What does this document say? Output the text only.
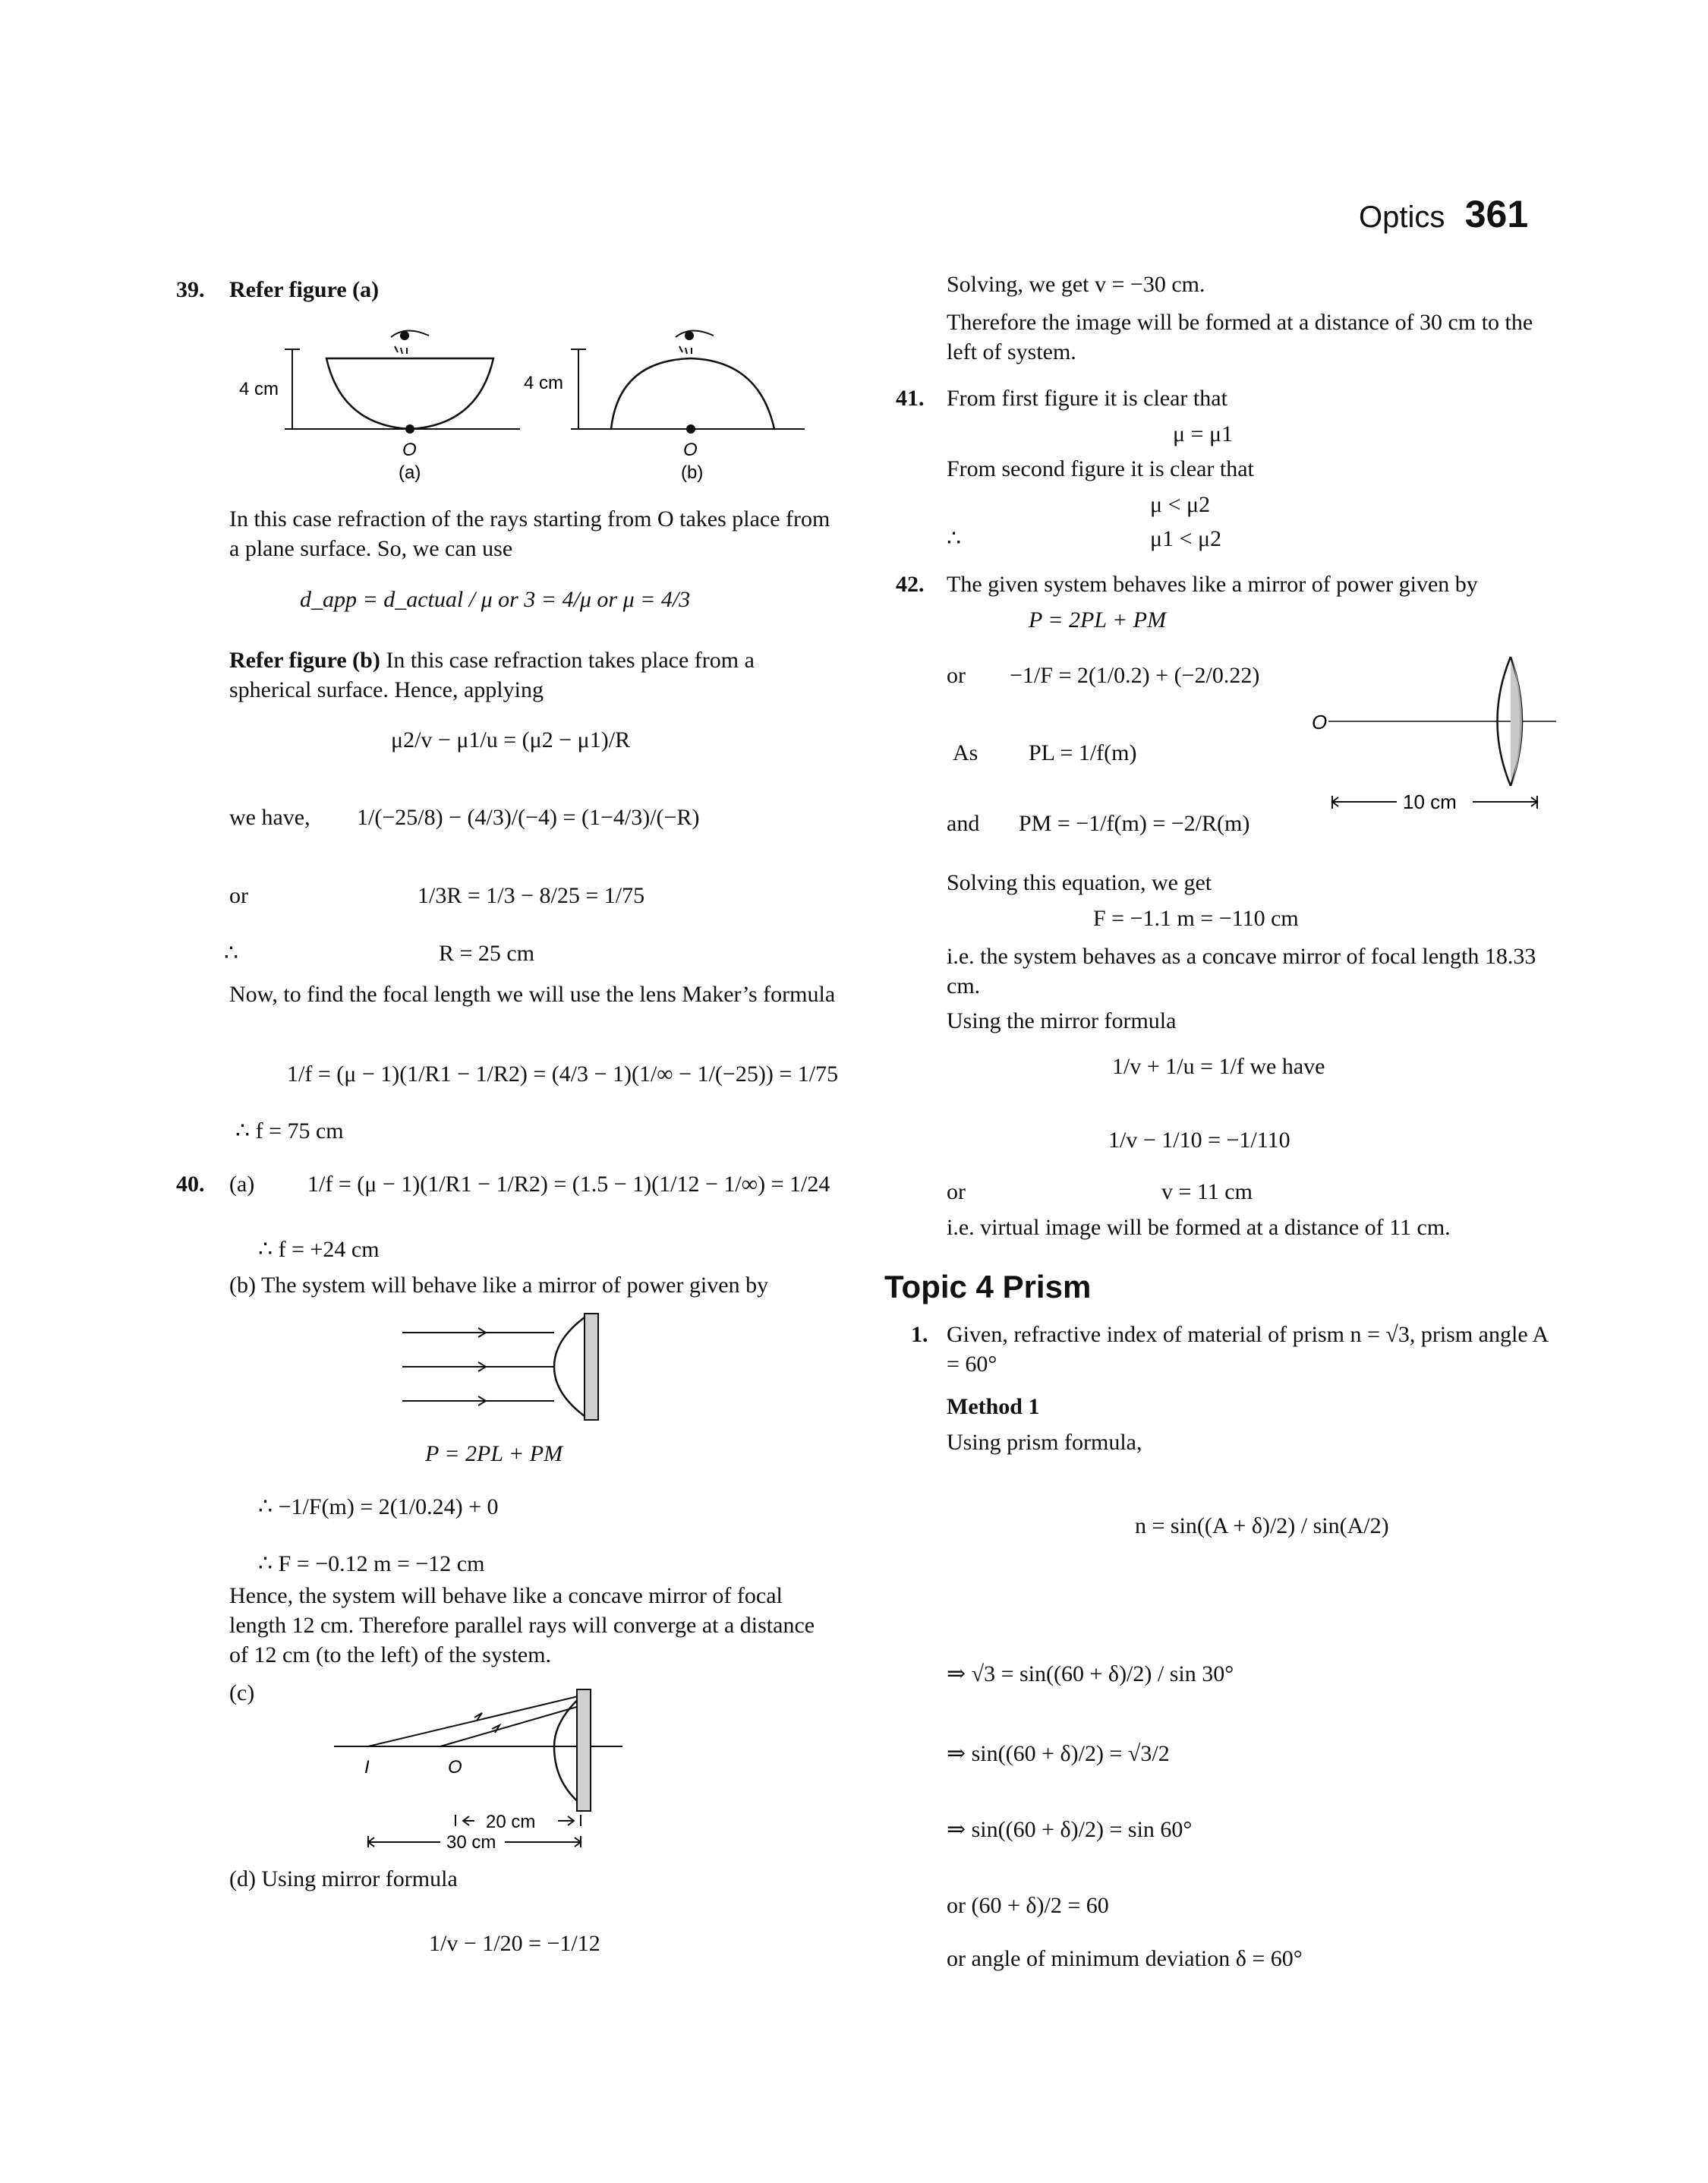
Optics 361
39. Refer figure (a)
4 cm
O
(a)
4 cm
O
(b)
In this case refraction of the rays starting from O takes place from a plane surface. So, we can use
d_app = d_actual / μ or 3 = 4/μ or μ = 4/3
Refer figure (b) In this case refraction takes place from a spherical surface. Hence, applying
μ2/v − μ1/u = (μ2 − μ1)/R
we have, 1/(−25/8) − (4/3)/(−4) = (1−4/3)/(−R)
or	1/3R = 1/3 − 8/25 = 1/75
∴	R = 25 cm
Now, to find the focal length we will use the lens Maker’s formula
1/f = (μ − 1)(1/R1 − 1/R2) = (4/3 − 1)(1/∞ − 1/(−25)) = 1/75
∴ f = 75 cm
40. (a) 1/f = (μ − 1)(1/R1 − 1/R2) = (1.5 − 1)(1/12 − 1/∞) = 1/24
∴ f = +24 cm
(b) The system will behave like a mirror of power given by
P = 2PL + PM
∴ −1/F(m) = 2(1/0.24) + 0
∴ F = −0.12 m = −12 cm
Hence, the system will behave like a concave mirror of focal length 12 cm. Therefore parallel rays will converge at a distance of 12 cm (to the left) of the system.
(c)
I	O
20 cm
30 cm
(d) Using mirror formula
1/v − 1/20 = −1/12
Solving, we get v = −30 cm.
Therefore the image will be formed at a distance of 30 cm to the left of system.
41. From first figure it is clear that
μ = μ1
From second figure it is clear that
μ < μ2
∴	μ1 < μ2
42. The given system behaves like a mirror of power given by
P = 2PL + PM
or −1/F = 2(1/0.2) + (−2/0.22)
As PL = 1/f(m)
and PM = −1/f(m) = −2/R(m)
O
10 cm
Solving this equation, we get
F = −1.1 m = −110 cm
i.e. the system behaves as a concave mirror of focal length 18.33 cm.
Using the mirror formula
1/v + 1/u = 1/f we have
1/v − 1/10 = −1/110
or	v = 11 cm
i.e. virtual image will be formed at a distance of 11 cm.
Topic 4 Prism
1. Given, refractive index of material of prism n = √3, prism angle A = 60°
Method 1
Using prism formula,
n = sin((A + δ)/2) / sin(A/2)
⇒ √3 = sin((60 + δ)/2) / sin 30°
⇒ sin((60 + δ)/2) = √3/2
⇒ sin((60 + δ)/2) = sin 60°
or (60 + δ)/2 = 60
or angle of minimum deviation δ = 60°
